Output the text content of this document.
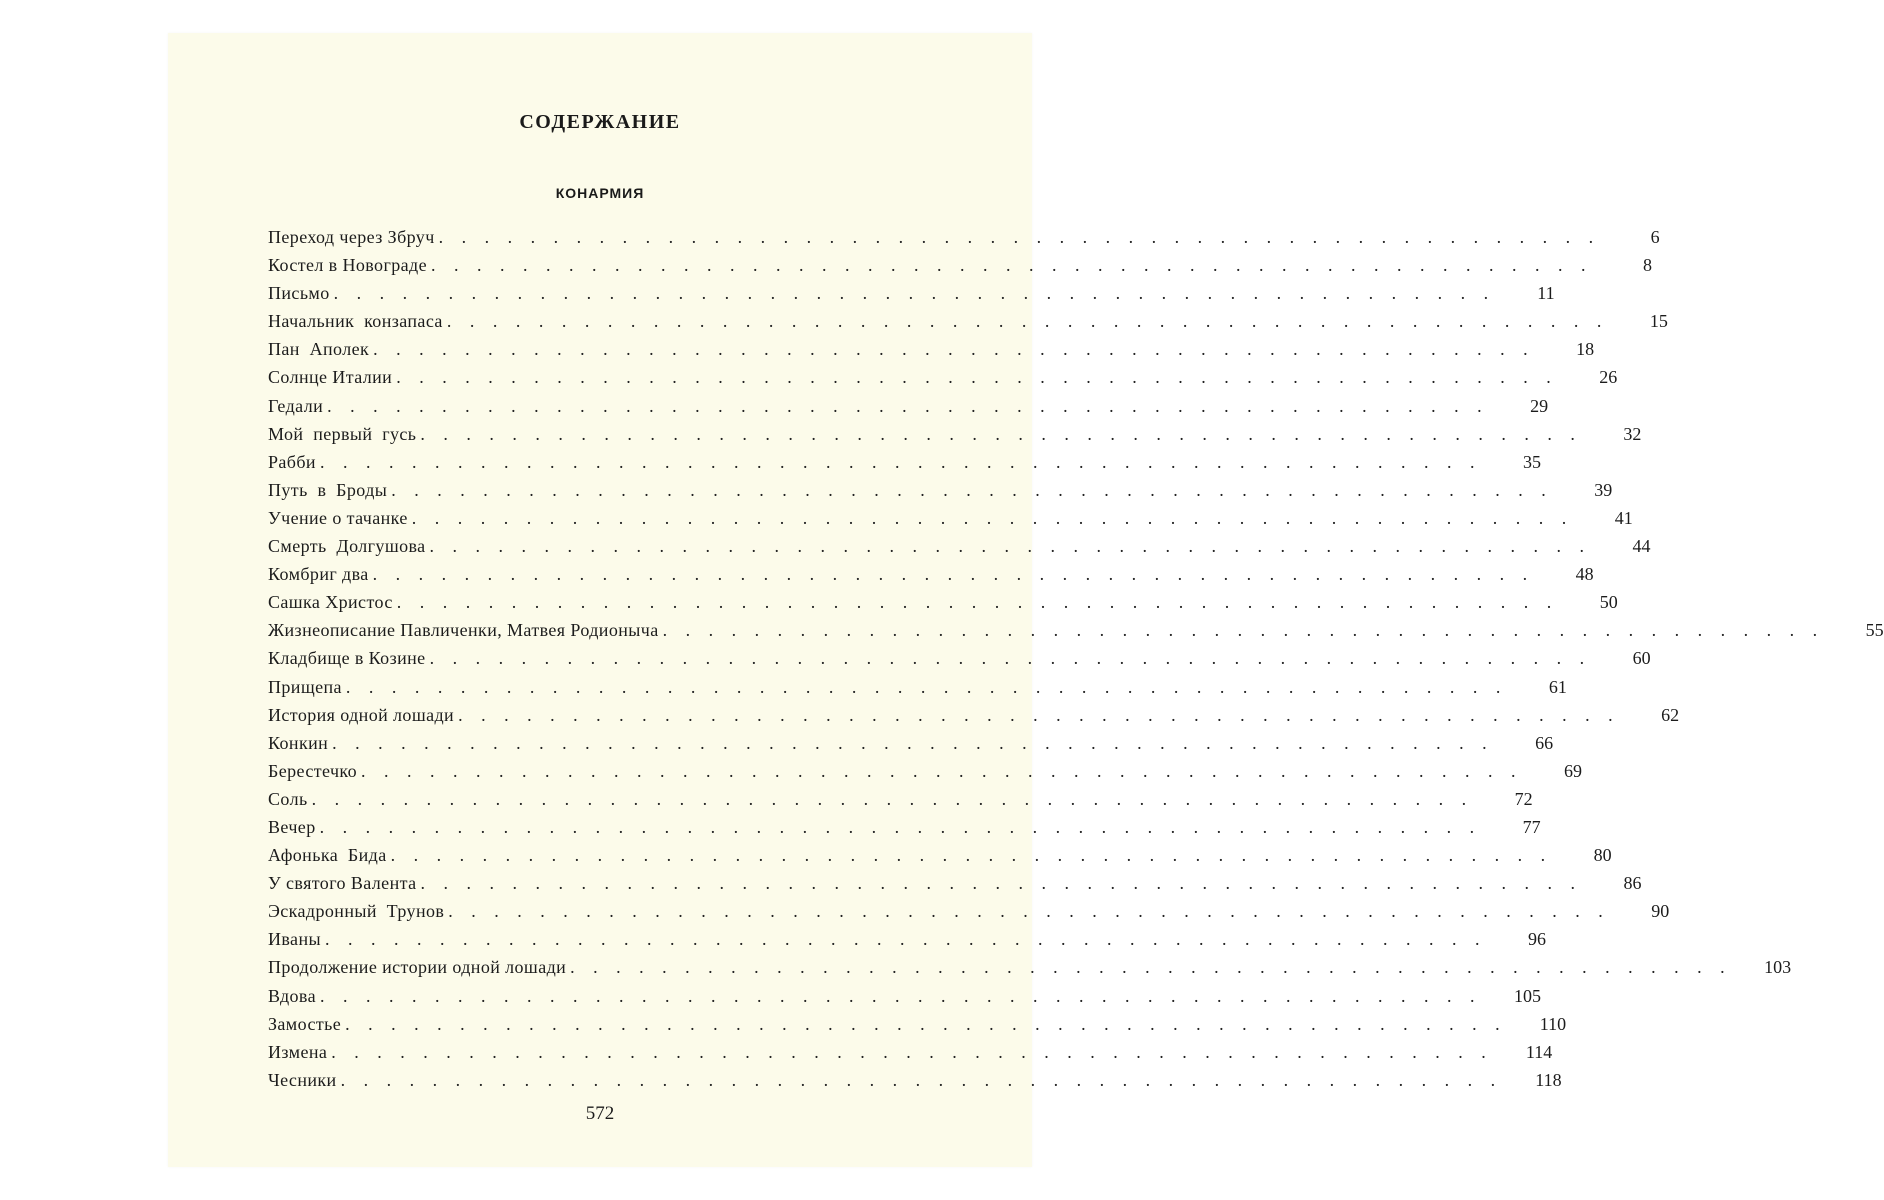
СОДЕРЖАНИЕ
КОНАРМИЯ
Переход через Збруч ...................................................	6
Костел в Новограде ...................................................	8
Письмо ...................................................	11
Начальник  конзапаса ...................................................	15
Пан  Аполек ...................................................	18
Солнце Италии ...................................................	26
Гедали ...................................................	29
Мой  первый  гусь ...................................................	32
Рабби ...................................................	35
Путь  в  Броды ...................................................	39
Учение о тачанке ...................................................	41
Смерть  Долгушова ...................................................	44
Комбриг два ...................................................	48
Сашка Христос ...................................................	50
Жизнеописание Павличенки, Матвея Родионыча ...................................................	55
Кладбище в Козине ...................................................	60
Прищепа ...................................................	61
История одной лошади ...................................................	62
Конкин ...................................................	66
Берестечко ...................................................	69
Соль ...................................................	72
Вечер ...................................................	77
Афонька  Бида ...................................................	80
У святого Валента ...................................................	86
Эскадронный  Трунов ...................................................	90
Иваны ...................................................	96
Продолжение истории одной лошади ...................................................	103
Вдова ...................................................	105
Замостье ...................................................	110
Измена ...................................................	114
Чесники ...................................................	118
572
